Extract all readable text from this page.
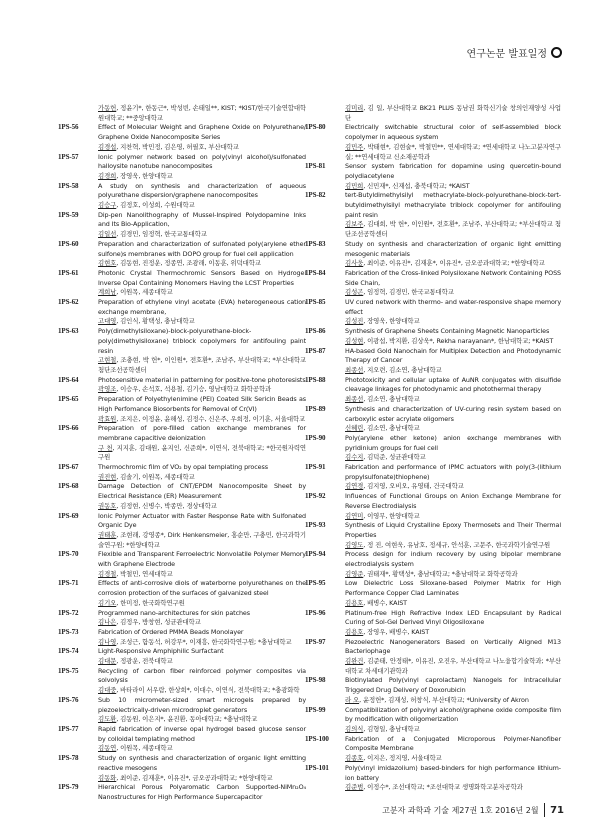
연구논문 발표일정
가동헌, 정윤기*, 한동근*, 박성빈, 손태일**, KIST; *KIST/한국기술연합대학원대학교; **중앙대학교
1PS-56	Effect of Molecular Weight and Graphene Oxide on Polyurethane/ Graphene Oxide Nanocomposite Series
김경섭, 지찬혁, 박민정, 김은영, 허필호, 부산대학교
1PS-57	Ionic polymer network based on poly(vinyl alcohol)/sulfonated halloysite nanotube nanocomposites
김경희, 장영욱, 한양대학교
1PS-58	A study on synthesis and characterization of aqueous polyurethane dispersion/graphene nanocomposites
김승구, 김정호, 이성희, 수원대학교
1PS-59	Dip-pen Nanolithography of Mussel-Inspired Polydopamine Inks and Its Bio-Application,
김일선, 김경민, 임정혁, 한국교통대학교
1PS-60	Preparation and characterization of sulfonated poly(arylene ether sulfone)s membranes with DOPO group for fuel cell application
김현호, 김동현, 진정운, 정종연, 조광래, 이동훈, 위덕대학교
1PS-61	Photonic Crystal Thermochromic Sensors Based on Hydrogel Inverse Opal Containing Monomers Having the LCST Properties
계희남, 이원목, 세종대학교
1PS-62	Preparation of ethylene vinyl acetate (EVA) heterogeneous cation exchange membrane,
고대영, 김인식, 황택성, 충남대학교
1PS-63	Poly(dimethylsiloxane)-block-polyurethane-block-poly(dimethylsiloxane) triblock copolymers for antifouling paint resin
고현철, 조충현, 박 헌*, 이인원*, 전호환*, 조남주, 부산대학교; *부산대학교 첨단조선공학센터
1PS-64	Photosensitive material in patterning for positive-tone photoresists
곽영조, 이승우, 손석호, 석용철, 김기승, 영남대학교 화학공학과
1PS-65	Preparation of Polyethylenimine (PEI) Coated Silk Sericin Beads as High Perfomance Biosorbents for Removal of Cr(VI)
곽효원, 조지은, 이정윤, 윤해성, 김정수, 신은주, 우희정, 이기훈, 서울대학교
1PS-66	Preparation of pore-filled cation exchange membranes for membrane capacitive deionization
구 천, 지지훈, 김대원, 윤지인, 신준희*, 이연식, 전북대학교; *한국원자력연구원
1PS-67	Thermochromic film of VO₂ by opal templating process
권진현, 김솔기, 이원목, 세종대학교
1PS-68	Damage Detection of CNT/EPDM Nanocomposite Sheet by Electrical Resistance (ER) Measurement
권동호, 김정현, 신병수, 박종만, 경상대학교
1PS-69	Ionic Polymer Actuator with Faster Response Rate with Sulfonated Organic Dye
권태훈, 조현래, 강영종*, Dirk Henkensmeier, 홍순만, 구충민, 한국과학기술연구원; *한양대학교
1PS-70	Flexible and Transparent Ferroelectric Nonvolatile Polymer Memory with Graphene Electrode
김경철, 박철민, 연세대학교
1PS-71	Effects of anti-corrosive diols of waterborne polyurethanes on the corrosion protection of the surfaces of galvanized steel
김기오, 한미정, 한국화학연구원
1PS-72	Programmed nano-architectures for skin patches
김나은, 김정우, 방창현, 성균관대학교
1PS-73	Fabrication of Ordered PMMA Beads Monolayer
김나영, 조성근, 함동석, 허강무*, 이재흥, 한국화학연구원; *충남대학교
1PS-74	Light-Responsive Amphiphilic Surfactant
김대문, 정광운, 전북대학교
1PS-75	Recycling of carbon fiber reinforced polymer composites via solvolysis
김대중, 바타라이 서우람, 한상희*, 이대수, 이연식, 전북대학교; *충광화학
1PS-76	Sub 10 micrometer-sized smart microgels prepared by piezoelectrically-driven microdroplet generators
김도환, 김동원, 이은지*, 윤진환, 동아대학교; *충남대학교
1PS-77	Rapid fabrication of inverse opal hydrogel based glucose sensor by colloidal templating method
김동연, 이원목, 세종대학교
1PS-78	Study on synthesis and characterization of organic light emitting reactive mesogens
김동화, 최이준, 김재훈*, 이유진*, 금오공과대학교; *한양대학교
1PS-79	Hierarchical Porous Polyaromatic Carbon Supported-NiMn₂O₄ Nanostructures for High Performance Supercapacitor
김미리, 김 일, 부산대학교 BK21 PLUS 동남권 화학신기술 창의인재양성 사업단
1PS-80	Electrically switchable structural color of self-assembled block copolymer in aqueous system
김민주, 박태현*, 김현술*, 박철민**, 연세대학교; *연세대학교 나노고분자연구실; **연세대학교 신소재공학과
1PS-81	Sensor system fabrication for dopamine using quercetin-bound polydiacetylene
김민희, 신민재*, 신재섭, 충북대학교; *KAIST
1PS-82	tert-Butyldimethylsilyl methacrylate-block-polyurethane-block-tert-butyldimethylsilyl methacrylate triblock copolymer for antifouling paint resin
김보주, 김대희, 박 헌*, 이인원*, 전호환*, 조남주, 부산대학교; *부산대학교 첨단조선공학센터
1PS-83	Study on synthesis and characterization of organic light emitting mesogenic materials
김사웅, 최이준, 이유진*, 김재훈*, 이유진*, 금오공과대학교; *한양대학교
1PS-84	Fabrication of the Cross-linked Polysiloxane Network Containing POSS Side Chain,
김성곤, 임정혁, 김경민, 한국교통대학교
1PS-85	UV cured network with thermo- and water-responsive shape memory effect
김성진, 장영욱, 한양대학교
1PS-86	Synthesis of Graphene Sheets Containing Magnetic Nanoparticles
김성현, 이광섭, 박지환, 김상욱*, Rekha narayanan*, 한남대학교; *KAIST
1PS-87	HA-based Gold Nanochain for Multiplex Detection and Photodynamic Therapy of Cancer
최종선, 지오련, 김소연, 충남대학교
1PS-88	Phototoxicity and cellular uptake of AuNR conjugates with disulfide cleavage linkages for photodynamic and photothermal therapy
최종선, 김소연, 충남대학교
1PS-89	Synthesis and characterization of UV-curing resin system based on carboxylic ester acrylate oligomers
신혜린, 김소연, 충남대학교
1PS-90	Poly(arylene ether ketone) anion exchange membranes with pyridinium groups for fuel cell
김수지, 김덕준, 성균관대학교
1PS-91	Fabrication and performance of IPMC actuators with poly(3-(lithium propylsulfonate)thiophene)
김연경, 김지영, 오비오, 유영태, 건국대학교
1PS-92	Influences of Functional Groups on Anion Exchange Membrane for Reverse Electrodialysis
김연미, 이영무, 한양대학교
1PS-93	Synthesis of Liquid Crystalline Epoxy Thermosets and Their Thermal Properties
김영도, 정 진, 여현욱, 유남호, 정세규, 안석훈, 고문주, 한국과학기술연구원
1PS-94	Process design for indium recovery by using bipolar membrane electrodialysis system
김영준, 권태재*, 황택성*, 충남대학교; *충남대학교 화학공학과
1PS-95	Low Dielectric Loss Siloxane-based Polymer Matrix for High Performance Copper Clad Laminates
김용호, 배병수, KAIST
1PS-96	Platinum-free High Refractive Index LED Encapsulant by Radical Curing of Sol-Gel Derived Vinyl Oligosiloxane
김용호, 장영우, 배병수, KAIST
1PS-97	Piezoelectric Nanogenerators Based on Vertically Aligned M13 Bacteriophage
김완건, 김준태, 안정태*, 이유진, 오진우, 부산대학교 나노융합기술학과; *부산대학교 차세대기관학과
1PS-98	Biotinylated Poly(vinyl caprolactam) Nanogels for Intracellular Triggered Drug Delivery of Doxorubicin
라 오, 윤정헌*, 김재성, 허창식, 부산대학교; *University of Akron
1PS-99	Compatibilization of polyvinyl alcohol/graphene oxide composite film by modification with oligomerization
김의식, 김형일, 충남대학교
1PS-100	Fabrication of a Conjugated Microporous Polymer-Nanofiber Composite Membrane
김종호, 이지은, 정지영, 서울대학교
1PS-101	Poly(vinyl imidazolium) based-binders for high performance lithium-ion battery
김준범, 이정수*, 조선대학교; *조선대학교 생명화학고분자공학과
고분자 과학과 기술 제27권 1호 2016년 2월 71
